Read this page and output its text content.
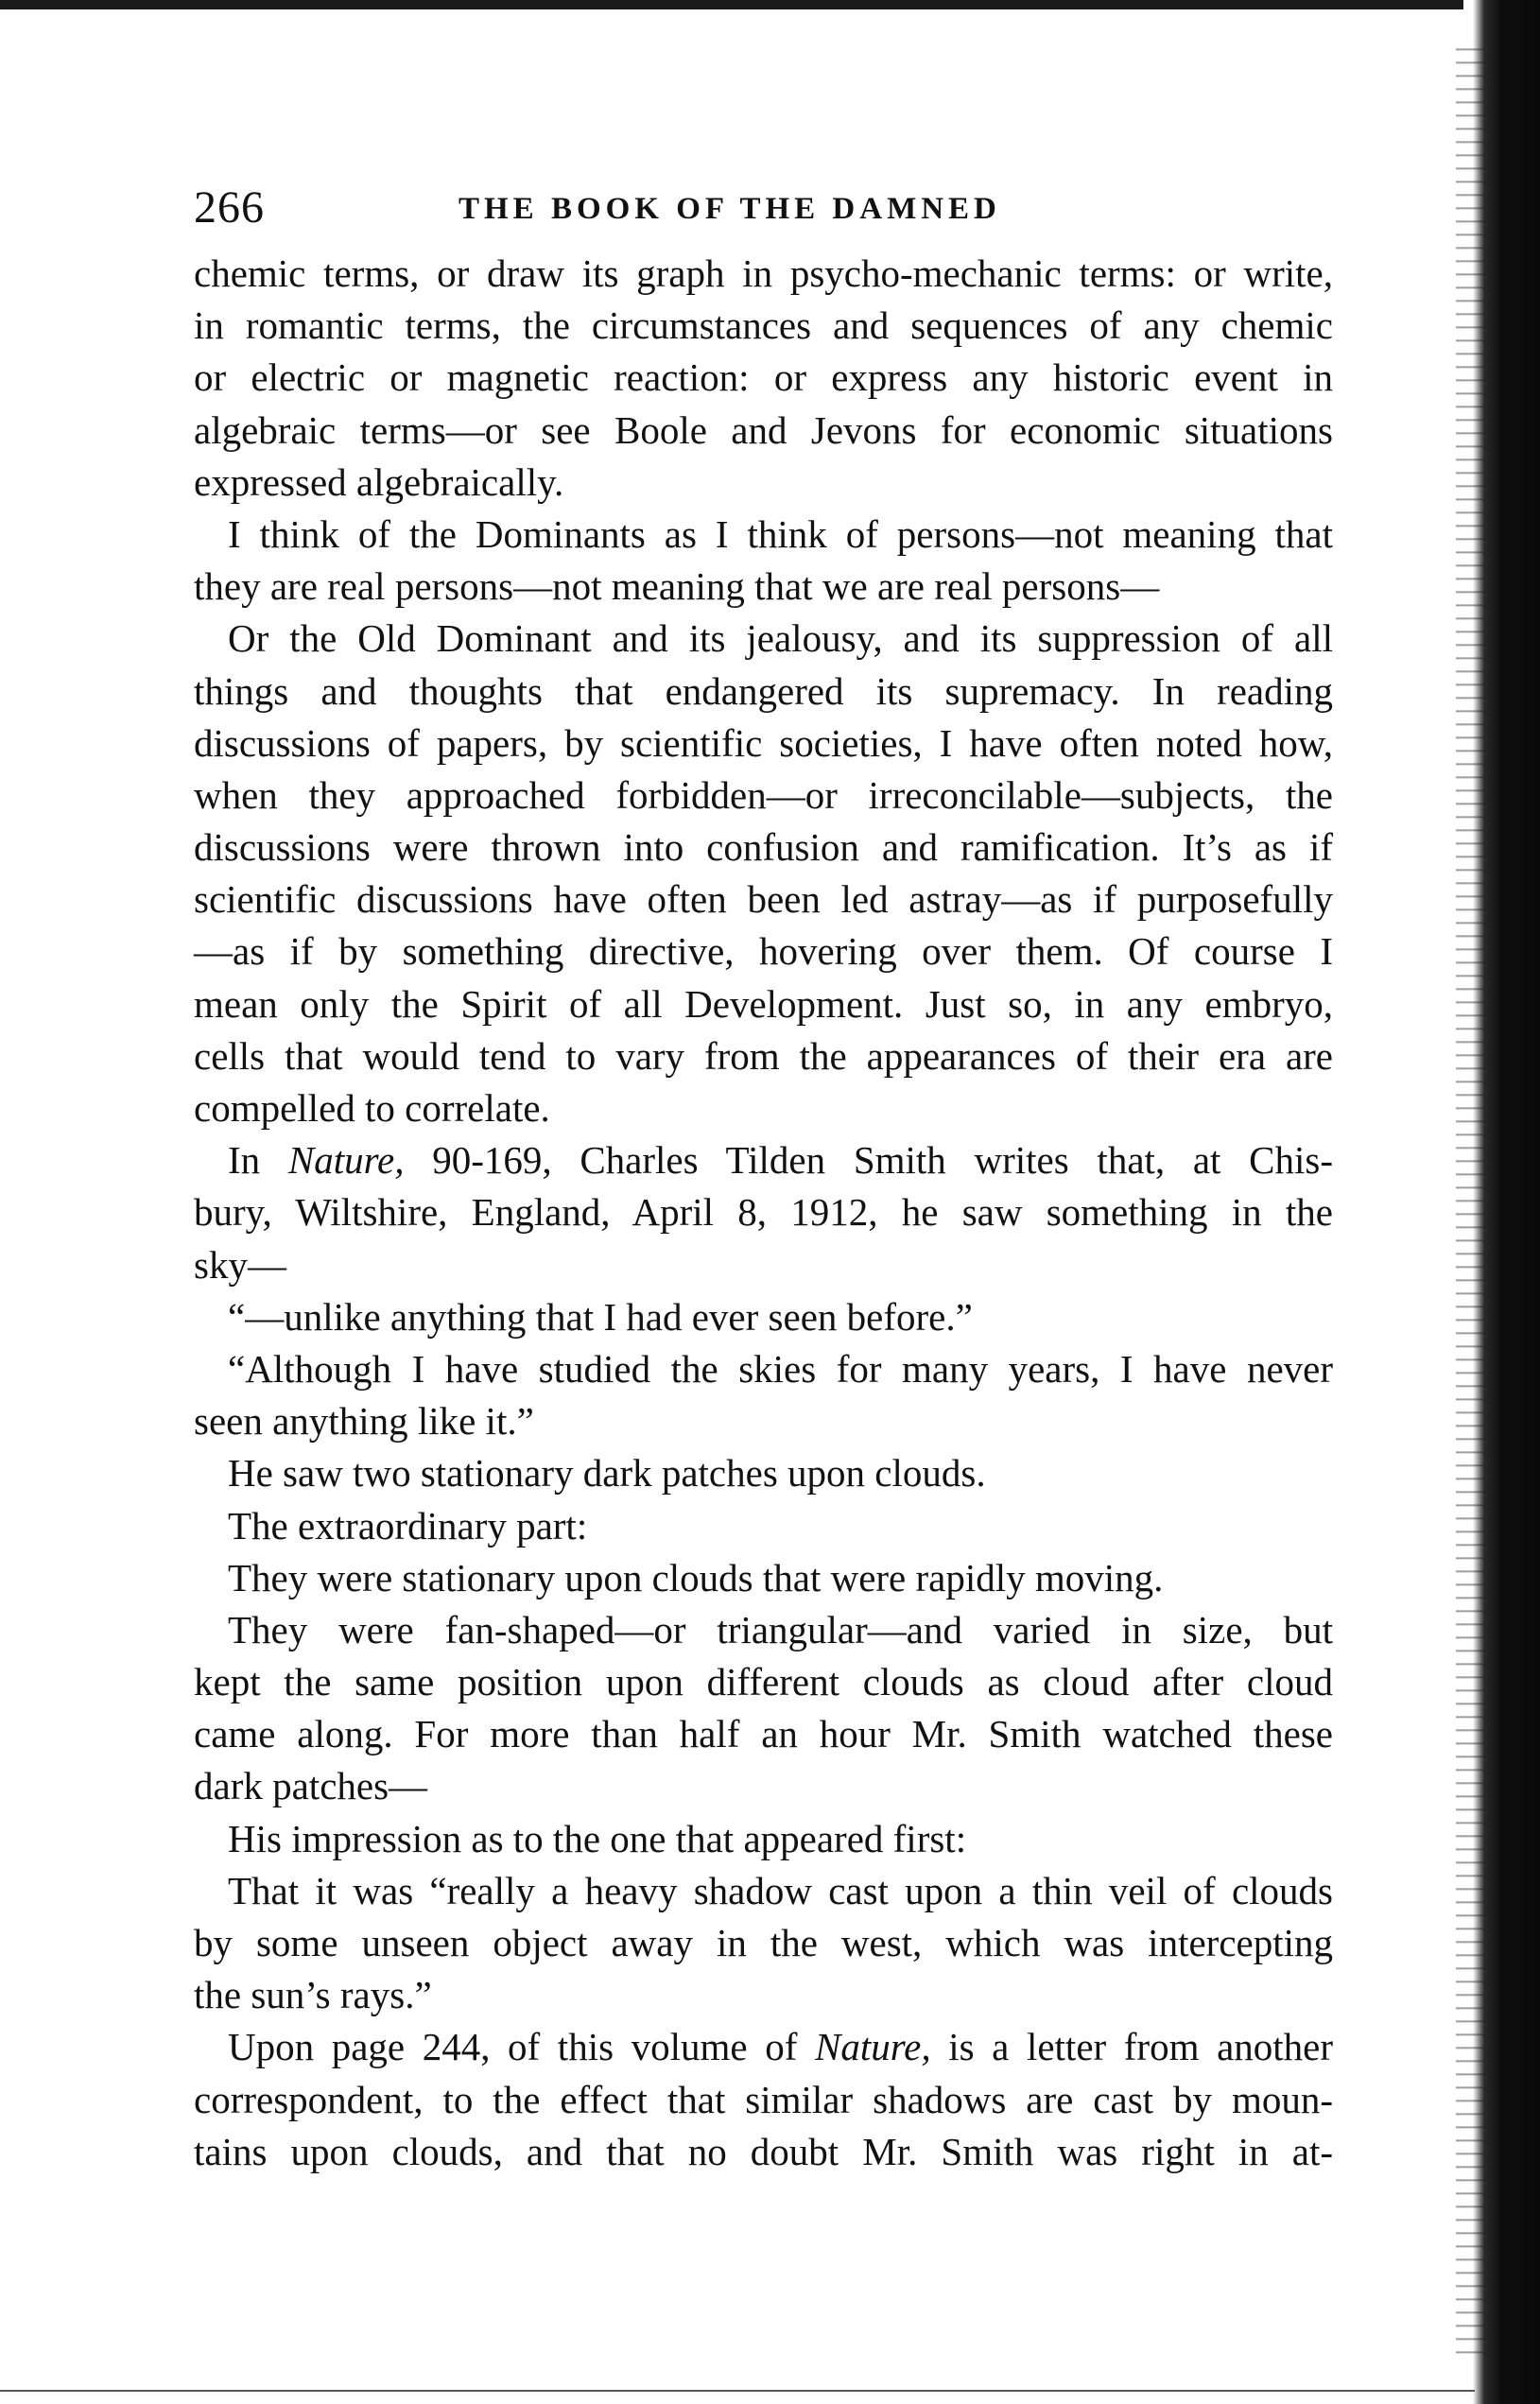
266	THE BOOK OF THE DAMNED
chemic terms, or draw its graph in psycho-mechanic terms: or write,
in romantic terms, the circumstances and sequences of any chemic
or electric or magnetic reaction: or express any historic event in
algebraic terms—or see Boole and Jevons for economic situations
expressed algebraically.
I think of the Dominants as I think of persons—not meaning that
they are real persons—not meaning that we are real persons—
Or the Old Dominant and its jealousy, and its suppression of all
things and thoughts that endangered its supremacy. In reading
discussions of papers, by scientific societies, I have often noted how,
when they approached forbidden—or irreconcilable—subjects, the
discussions were thrown into confusion and ramification. It’s as if
scientific discussions have often been led astray—as if purposefully
—as if by something directive, hovering over them. Of course I
mean only the Spirit of all Development. Just so, in any embryo,
cells that would tend to vary from the appearances of their era are
compelled to correlate.
In Nature, 90-169, Charles Tilden Smith writes that, at Chis-
bury, Wiltshire, England, April 8, 1912, he saw something in the
sky—
“—unlike anything that I had ever seen before.”
“Although I have studied the skies for many years, I have never
seen anything like it.”
He saw two stationary dark patches upon clouds.
The extraordinary part:
They were stationary upon clouds that were rapidly moving.
They were fan-shaped—or triangular—and varied in size, but
kept the same position upon different clouds as cloud after cloud
came along. For more than half an hour Mr. Smith watched these
dark patches—
His impression as to the one that appeared first:
That it was “really a heavy shadow cast upon a thin veil of clouds
by some unseen object away in the west, which was intercepting
the sun’s rays.”
Upon page 244, of this volume of Nature, is a letter from another
correspondent, to the effect that similar shadows are cast by moun-
tains upon clouds, and that no doubt Mr. Smith was right in at-
